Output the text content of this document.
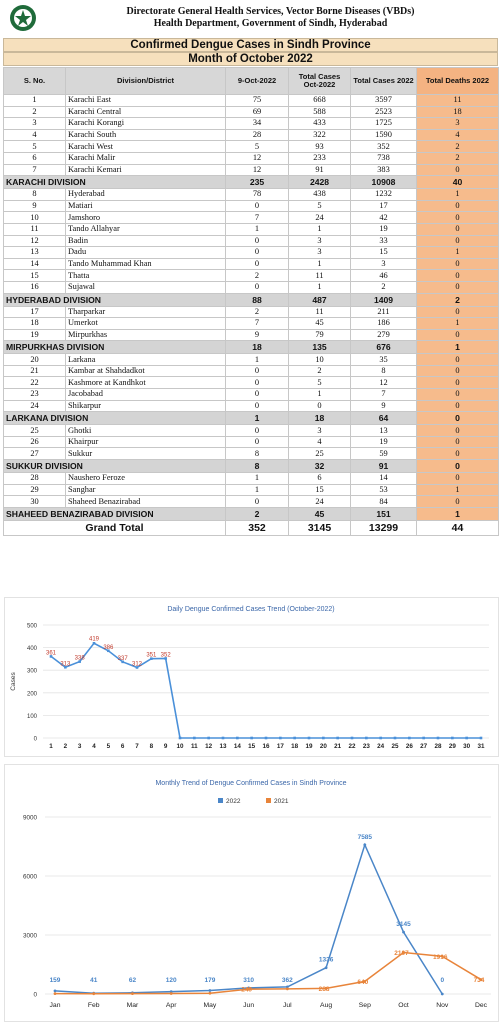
Directorate General Health Services, Vector Borne Diseases (VBDs)
Health Department, Government of Sindh, Hyderabad
Confirmed Dengue Cases in Sindh Province
Month of October 2022
S. No.	Division/District	9-Oct-2022	Total Cases Oct-2022	Total Cases 2022	Total Deaths 2022
1	Karachi East	75	668	3597	11
2	Karachi Central	69	588	2523	18
3	Karachi Korangi	34	433	1725	3
4	Karachi South	28	322	1590	4
5	Karachi West	5	93	352	2
6	Karachi Malir	12	233	738	2
7	Karachi Kemari	12	91	383	0
KARACHI DIVISION		235	2428	10908	40
8	Hyderabad	78	438	1232	1
9	Matiari	0	5	17	0
10	Jamshoro	7	24	42	0
11	Tando Allahyar	1	1	19	0
12	Badin	0	3	33	0
13	Dadu	0	3	15	1
14	Tando Muhammad Khan	0	1	3	0
15	Thatta	2	11	46	0
16	Sujawal	0	1	2	0
HYDERABAD DIVISION		88	487	1409	2
17	Tharparkar	2	11	211	0
18	Umerkot	7	45	186	1
19	Mirpurkhas	9	79	279	0
MIRPURKHAS DIVISION		18	135	676	1
20	Larkana	1	10	35	0
21	Kambar at Shahdadkot	0	2	8	0
22	Kashmore at Kandhkot	0	5	12	0
23	Jacobabad	0	1	7	0
24	Shikarpur	0	0	9	0
LARKANA DIVISION		1	18	64	0
25	Ghotki	0	3	13	0
26	Khairpur	0	4	19	0
27	Sukkur	8	25	59	0
SUKKUR DIVISION		8	32	91	0
28	Naushero Feroze	1	6	14	0
29	Sanghar	1	15	53	1
30	Shaheed Benazirabad	0	24	84	0
SHAHEED BENAZIRABAD DIVISION		2	45	151	1
Grand Total		352	3145	13299	44
Daily Dengue Confirmed Cases Trend (October-2022)
Cases
0
100
200
300
400
500
1 2 3 4 5 6 7 8 9 10 11 12 13 14 15 16 17 18 19 20 21 22 23 24 25 26 27 28 29 30 31
361
313
338
419
386
337
312
351 352
Monthly Trend of Dengue Confirmed Cases in Sindh Province
2022	2021
0
3000
6000
9000
Jan	Feb	Mar	Apr	May	Jun	Jul	Aug	Sep	Oct	Nov	Dec
159	41	62	120	179	310	362
1336
7585
3145
0
249	288
640
2107
1916
734
